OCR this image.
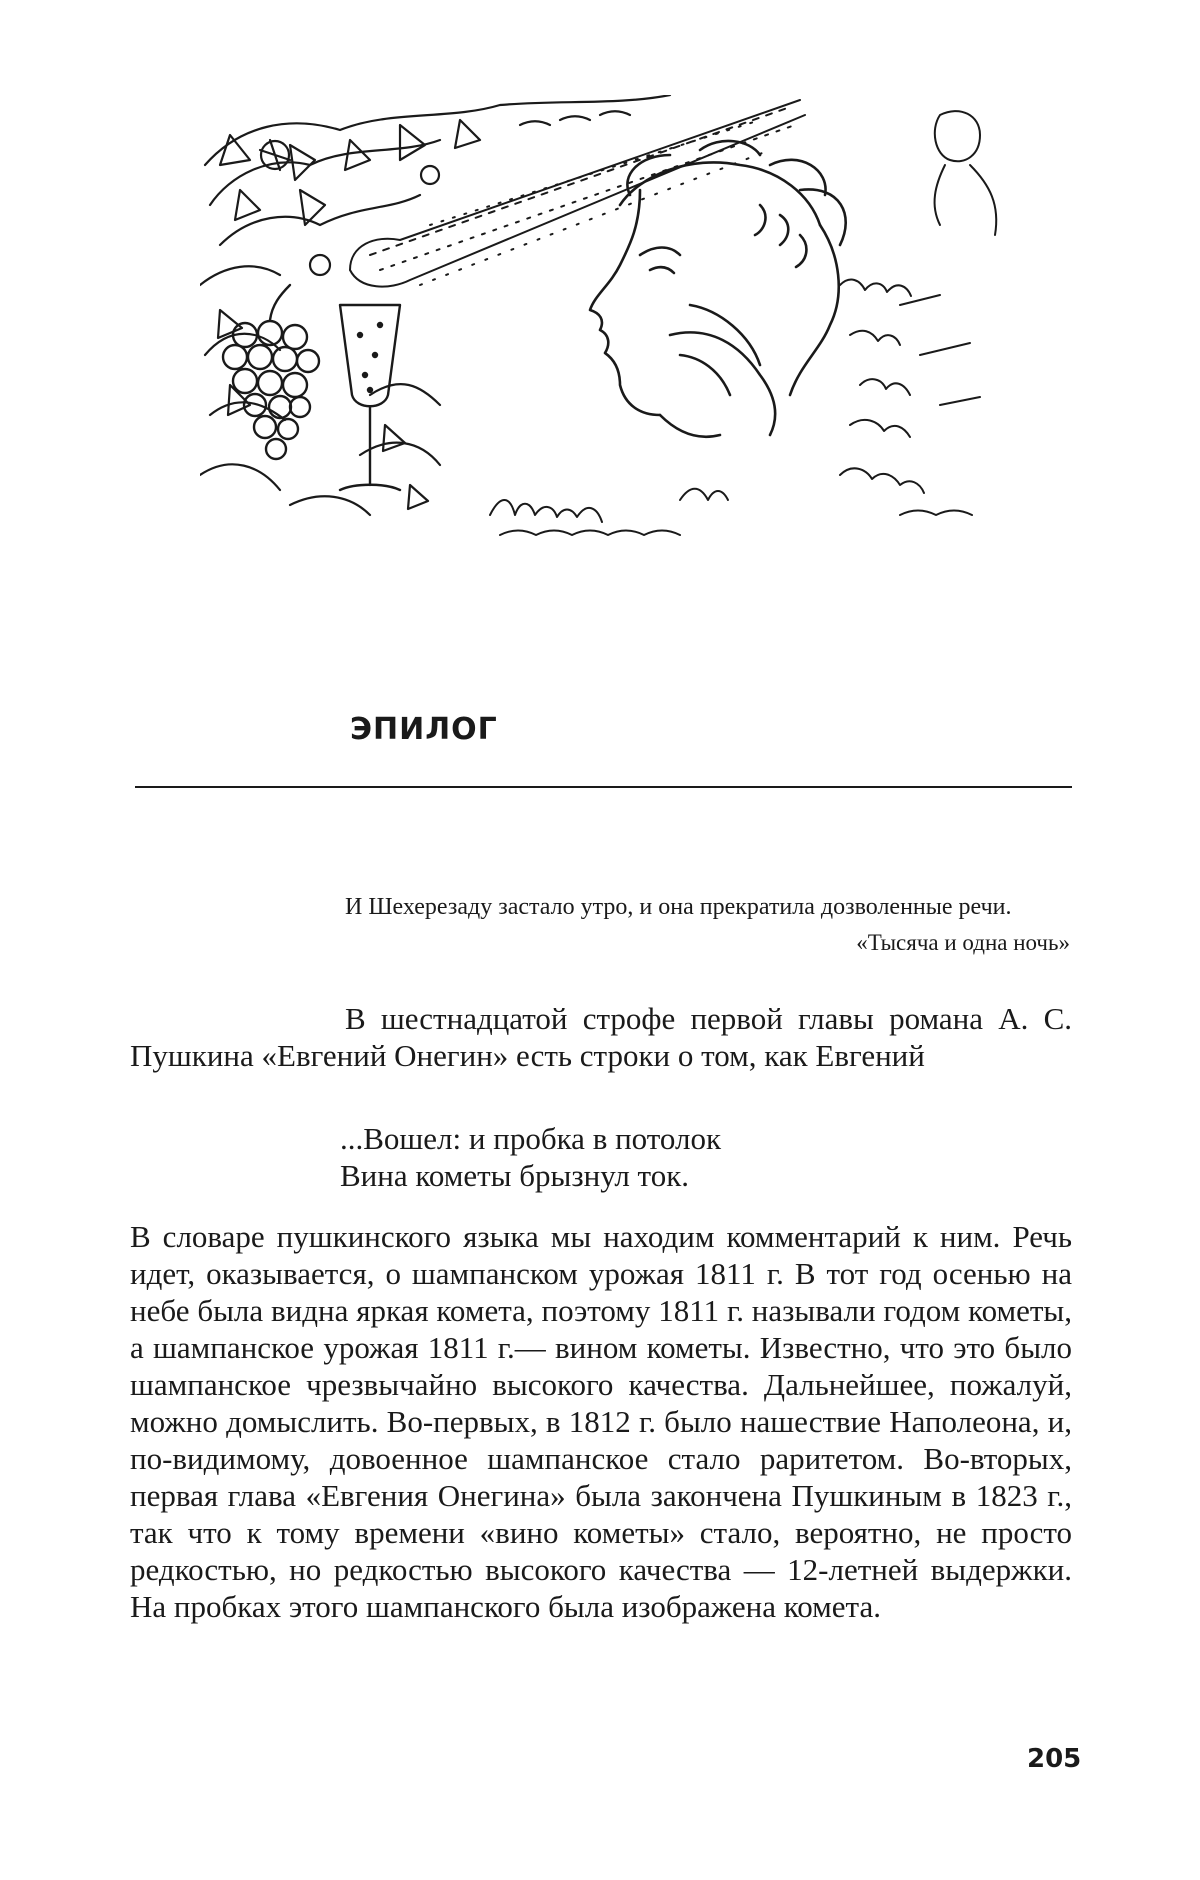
ЭПИЛОГ

И Шехерезаду застало утро, и она прекратила дозволенные речи.

«Тысяча и одна ночь»

В шестнадцатой строфе первой главы романа А. С. Пушкина «Евгений Онегин» есть строки о том, как Евгений

...Вошел: и пробка в потолок
Вина кометы брызнул ток.

В словаре пушкинского языка мы находим комментарий к ним. Речь идет, оказывается, о шампанском урожая 1811 г. В тот год осенью на небе была видна яркая комета, поэтому 1811 г. называли годом кометы, а шампанское урожая 1811 г.— вином кометы. Известно, что это было шампанское чрезвычайно высокого качества. Дальнейшее, пожалуй, можно домыслить. Во-первых, в 1812 г. было нашествие Наполеона, и, по-видимому, довоенное шампанское стало раритетом. Во-вторых, первая глава «Евгения Онегина» была закончена Пушкиным в 1823 г., так что к тому времени «вино кометы» стало, вероятно, не просто редкостью, но редкостью высокого качества — 12-летней выдержки. На пробках этого шампанского была изображена комета.

205
